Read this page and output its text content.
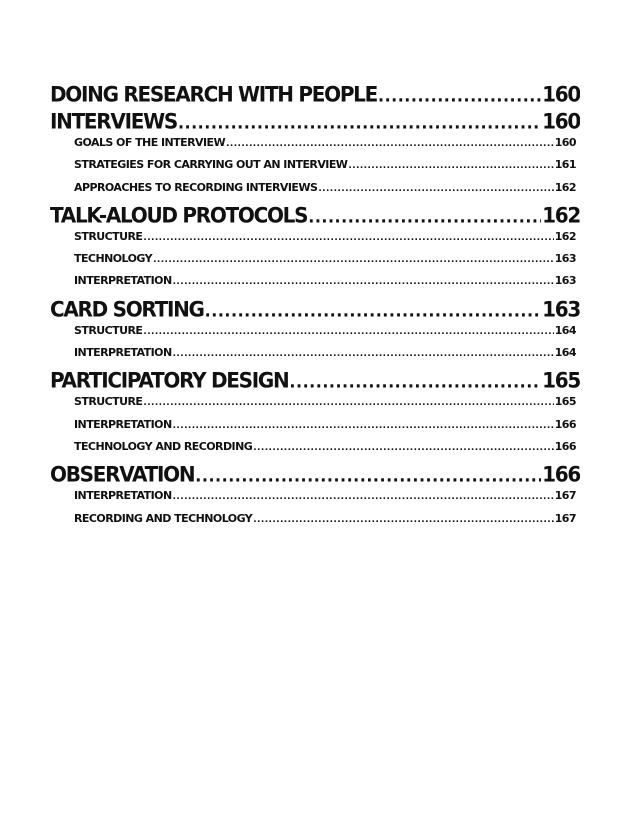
DOING RESEARCH WITH PEOPLE .....	160
INTERVIEWS .....	160
GOALS OF THE INTERVIEW .....	160
STRATEGIES FOR CARRYING OUT AN INTERVIEW .....	161
APPROACHES TO RECORDING INTERVIEWS .....	162
TALK-ALOUD PROTOCOLS .....	162
STRUCTURE .....	162
TECHNOLOGY .....	163
INTERPRETATION .....	163
CARD SORTING .....	163
STRUCTURE .....	164
INTERPRETATION .....	164
PARTICIPATORY DESIGN .....	165
STRUCTURE .....	165
INTERPRETATION .....	166
TECHNOLOGY AND RECORDING .....	166
OBSERVATION .....	166
INTERPRETATION .....	167
RECORDING AND TECHNOLOGY .....	167
